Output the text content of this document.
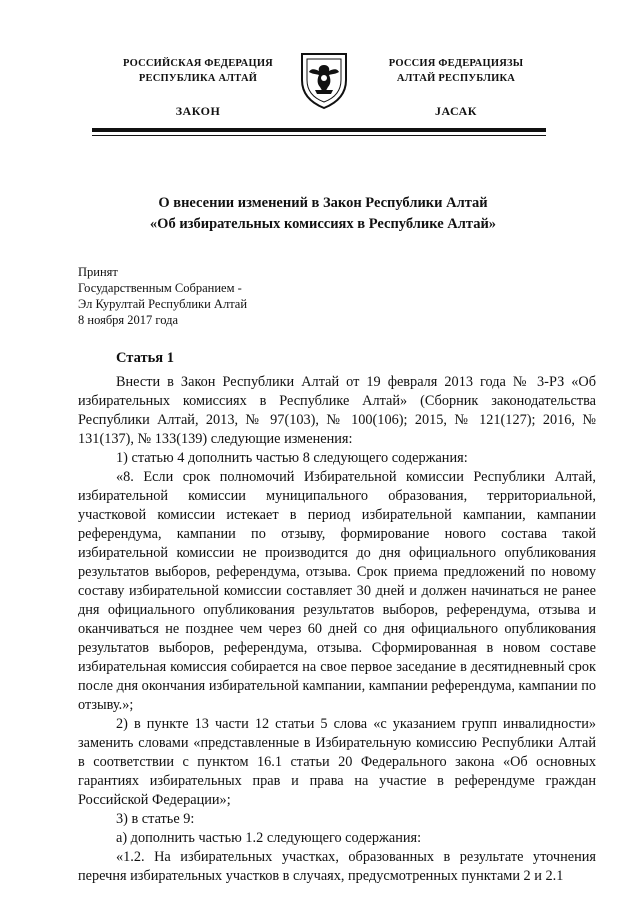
РОССИЙСКАЯ ФЕДЕРАЦИЯ
РЕСПУБЛИКА АЛТАЙ
ЗАКОН
РОССИЯ ФЕДЕРАЦИЯЗЫ
АЛТАЙ РЕСПУБЛИКА
ЈАСАК
О внесении изменений в Закон Республики Алтай
«Об избирательных комиссиях в Республике Алтай»
Принят
Государственным Собранием -
Эл Курултай Республики Алтай
8 ноября 2017 года
Статья 1

Внести в Закон Республики Алтай от 19 февраля 2013 года № 3-РЗ «Об избирательных комиссиях в Республике Алтай» (Сборник законодательства Республики Алтай, 2013, № 97(103), № 100(106); 2015, № 121(127); 2016, № 131(137), № 133(139) следующие изменения:

1) статью 4 дополнить частью 8 следующего содержания:

«8. Если срок полномочий Избирательной комиссии Республики Алтай, избирательной комиссии муниципального образования, территориальной, участковой комиссии истекает в период избирательной кампании, кампании референдума, кампании по отзыву, формирование нового состава такой избирательной комиссии не производится до дня официального опубликования результатов выборов, референдума, отзыва. Срок приема предложений по новому составу избирательной комиссии составляет 30 дней и должен начинаться не ранее дня официального опубликования результатов выборов, референдума, отзыва и оканчиваться не позднее чем через 60 дней со дня официального опубликования результатов выборов, референдума, отзыва. Сформированная в новом составе избирательная комиссия собирается на свое первое заседание в десятидневный срок после дня окончания избирательной кампании, кампании референдума, кампании по отзыву.»;

2) в пункте 13 части 12 статьи 5 слова «с указанием групп инвалидности» заменить словами «представленные в Избирательную комиссию Республики Алтай в соответствии с пунктом 16.1 статьи 20 Федерального закона «Об основных гарантиях избирательных прав и права на участие в референдуме граждан Российской Федерации»;

3) в статье 9:

а) дополнить частью 1.2 следующего содержания:

«1.2. На избирательных участках, образованных в результате уточнения перечня избирательных участков в случаях, предусмотренных пунктами 2 и 2.1
